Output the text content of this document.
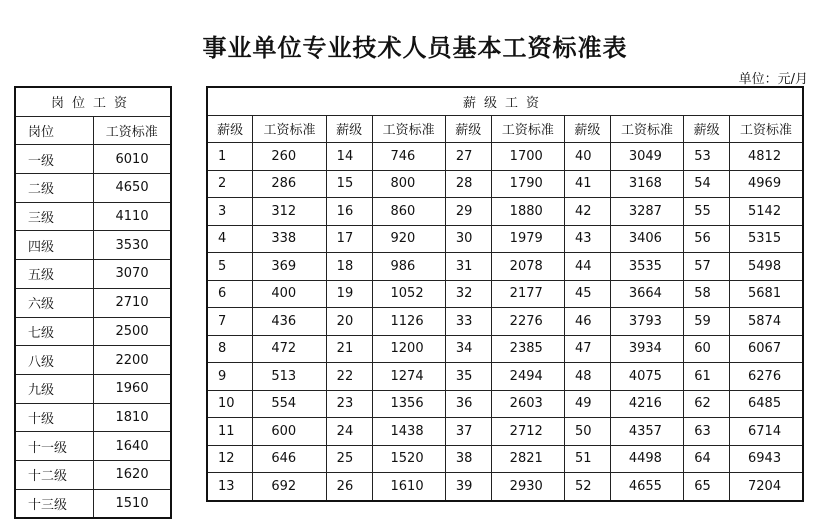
事业单位专业技术人员基本工资标准表
单位：元/月
岗位工资	
岗位	工资标准
一级	6010
二级	4650
三级	4110
四级	3530
五级	3070
六级	2710
七级	2500
八级	2200
九级	1960
十级	1810
十一级	1640
十二级	1620
十三级	1510
薪级工资									
薪级	工资标准	薪级	工资标准	薪级	工资标准	薪级	工资标准	薪级	工资标准
1	260	14	746	27	1700	40	3049	53	4812
2	286	15	800	28	1790	41	3168	54	4969
3	312	16	860	29	1880	42	3287	55	5142
4	338	17	920	30	1979	43	3406	56	5315
5	369	18	986	31	2078	44	3535	57	5498
6	400	19	1052	32	2177	45	3664	58	5681
7	436	20	1126	33	2276	46	3793	59	5874
8	472	21	1200	34	2385	47	3934	60	6067
9	513	22	1274	35	2494	48	4075	61	6276
10	554	23	1356	36	2603	49	4216	62	6485
11	600	24	1438	37	2712	50	4357	63	6714
12	646	25	1520	38	2821	51	4498	64	6943
13	692	26	1610	39	2930	52	4655	65	7204
